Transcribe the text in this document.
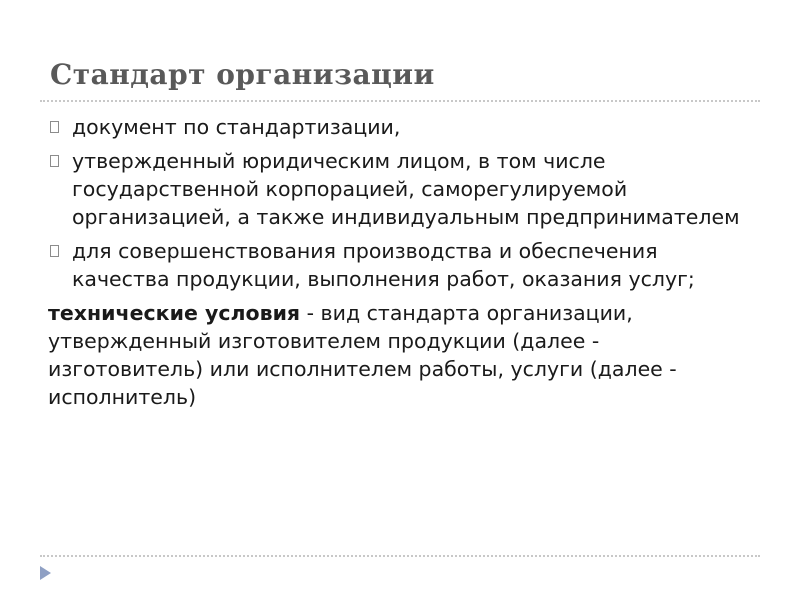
Стандарт организации
документ по стандартизации,
утвержденный юридическим лицом, в том числе государственной корпорацией, саморегулируемой организацией, а также индивидуальным предпринимателем
для совершенствования производства и обеспечения качества продукции, выполнения работ, оказания услуг;
технические условия - вид стандарта организации, утвержденный изготовителем продукции (далее - изготовитель) или исполнителем работы, услуги (далее - исполнитель)
